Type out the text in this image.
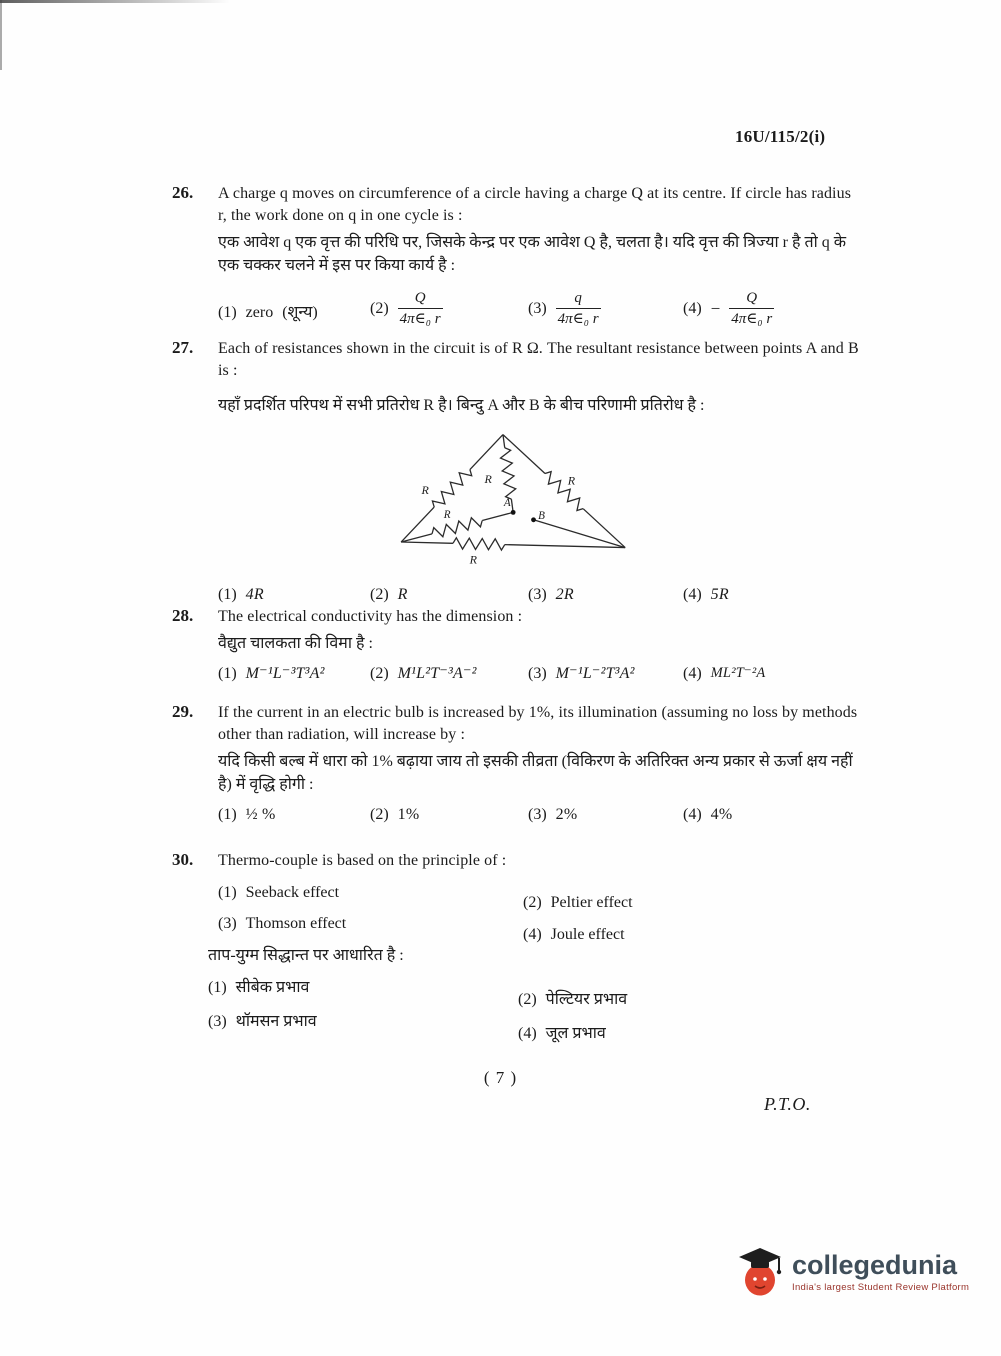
16U/115/2(i)
26.	A charge q moves on circumference of a circle having a charge Q at its centre. If circle has radius r, the work done on q in one cycle is :
एक आवेश q एक वृत्त की परिधि पर, जिसके केन्द्र पर एक आवेश Q है, चलता है। यदि वृत्त की त्रिज्या r है तो q के एक चक्कर चलने में इस पर किया कार्य है :
(1) zero (शून्य)	$(2) \frac{Q}{\text{4π∈₀ r}}$	$(3) \frac{q}{\text{4π∈₀ r}}$	$(4) - \frac{Q}{\text{4π∈₀ r}}$
27.	Each of resistances shown in the circuit is of R Ω. The resultant resistance between points A and B is :
यहाँ प्रदर्शित परिपथ में सभी प्रतिरोध R है। बिन्दु A और B के बीच परिणामी प्रतिरोध है :
R
R	R
R
R
A
B
(1) 4R	(2) R	(3) 2R	(4) 5R
28.	The electrical conductivity has the dimension :
वैद्युत चालकता की विमा है :
(1) M⁻¹L⁻³T³A²	(2) M¹L²T⁻³A⁻²	(3) M⁻¹L⁻²T³A²	(4) ML²T⁻²A
29.	If the current in an electric bulb is increased by 1%, its illumination (assuming no loss by methods other than radiation, will increase by :
यदि किसी बल्ब में धारा को 1% बढ़ाया जाय तो इसकी तीव्रता (विकिरण के अतिरिक्त अन्य प्रकार से ऊर्जा क्षय नहीं है) में वृद्धि होगी :
(1) ½ %	(2) 1%	(3) 2%	(4) 4%
30.	Thermo-couple is based on the principle of :
(1) Seeback effect
(2) Peltier effect
(3) Thomson effect
(4) Joule effect
ताप-युग्म सिद्धान्त पर आधारित है :
(1) सीबेक प्रभाव
(2) पेल्टियर प्रभाव
(3) थॉमसन प्रभाव
(4) जूल प्रभाव
( 7 )
P.T.O.
collegedunia
India's largest Student Review Platform
